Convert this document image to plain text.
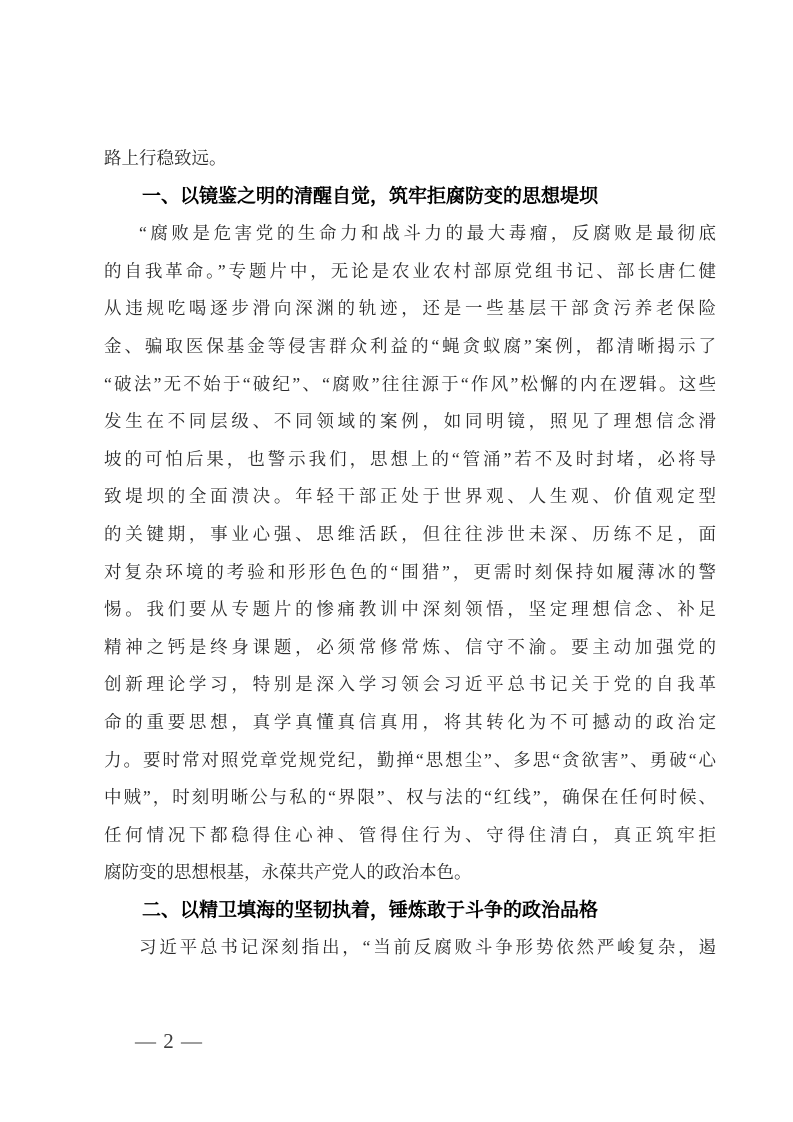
路上行稳致远。
一、以镜鉴之明的清醒自觉，筑牢拒腐防变的思想堤坝
“腐败是危害党的生命力和战斗力的最大毒瘤，反腐败是最彻底
的自我革命。”专题片中，无论是农业农村部原党组书记、部长唐仁健
从违规吃喝逐步滑向深渊的轨迹，还是一些基层干部贪污养老保险
金、骗取医保基金等侵害群众利益的“蝇贪蚁腐”案例，都清晰揭示了
“破法”无不始于“破纪”、“腐败”往往源于“作风”松懈的内在逻辑。这些
发生在不同层级、不同领域的案例，如同明镜，照见了理想信念滑
坡的可怕后果，也警示我们，思想上的“管涌”若不及时封堵，必将导
致堤坝的全面溃决。年轻干部正处于世界观、人生观、价值观定型
的关键期，事业心强、思维活跃，但往往涉世未深、历练不足，面
对复杂环境的考验和形形色色的“围猎”，更需时刻保持如履薄冰的警
惕。我们要从专题片的惨痛教训中深刻领悟，坚定理想信念、补足
精神之钙是终身课题，必须常修常炼、信守不渝。要主动加强党的
创新理论学习，特别是深入学习领会习近平总书记关于党的自我革
命的重要思想，真学真懂真信真用，将其转化为不可撼动的政治定
力。要时常对照党章党规党纪，勤掸“思想尘”、多思“贪欲害”、勇破“心
中贼”，时刻明晰公与私的“界限”、权与法的“红线”，确保在任何时候、
任何情况下都稳得住心神、管得住行为、守得住清白，真正筑牢拒
腐防变的思想根基，永葆共产党人的政治本色。
二、以精卫填海的坚韧执着，锤炼敢于斗争的政治品格
习近平总书记深刻指出，“当前反腐败斗争形势依然严峻复杂，遏
— 2 —
